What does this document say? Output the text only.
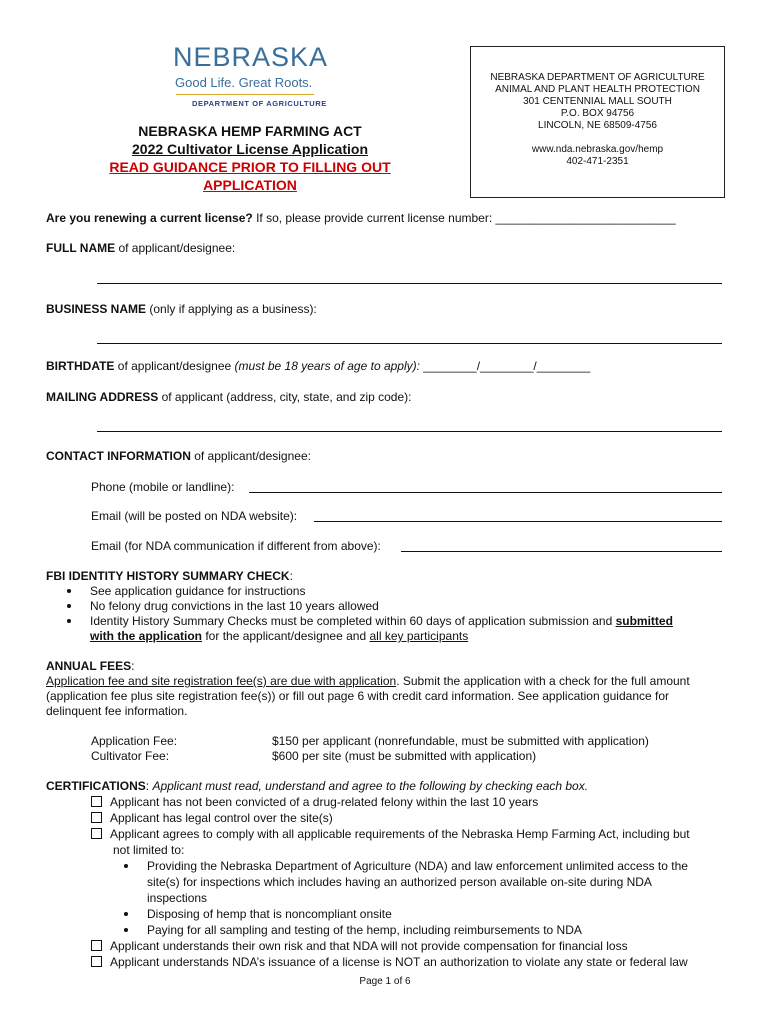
NEBRASKA
Good Life. Great Roots.
DEPARTMENT OF AGRICULTURE
NEBRASKA DEPARTMENT OF AGRICULTURE
ANIMAL AND PLANT HEALTH PROTECTION
301 CENTENNIAL MALL SOUTH
P.O. BOX 94756
LINCOLN, NE 68509-4756
www.nda.nebraska.gov/hemp
402-471-2351
NEBRASKA HEMP FARMING ACT
2022 Cultivator License Application
READ GUIDANCE PRIOR TO FILLING OUT
APPLICATION
Are you renewing a current license? If so, please provide current license number: ___________________________
FULL NAME of applicant/designee:
BUSINESS NAME (only if applying as a business):
BIRTHDATE of applicant/designee (must be 18 years of age to apply): ________/________/________
MAILING ADDRESS of applicant (address, city, state, and zip code):
CONTACT INFORMATION of applicant/designee:
Phone (mobile or landline):
Email (will be posted on NDA website):
Email (for NDA communication if different from above):
FBI IDENTITY HISTORY SUMMARY CHECK:
See application guidance for instructions
No felony drug convictions in the last 10 years allowed
Identity History Summary Checks must be completed within 60 days of application submission and submitted
with the application for the applicant/designee and all key participants
ANNUAL FEES:
Application fee and site registration fee(s) are due with application. Submit the application with a check for the full amount
(application fee plus site registration fee(s)) or fill out page 6 with credit card information. See application guidance for
delinquent fee information.
Application Fee:	$150 per applicant (nonrefundable, must be submitted with application)
Cultivator Fee:	$600 per site (must be submitted with application)
CERTIFICATIONS: Applicant must read, understand and agree to the following by checking each box.
Applicant has not been convicted of a drug-related felony within the last 10 years
Applicant has legal control over the site(s)
Applicant agrees to comply with all applicable requirements of the Nebraska Hemp Farming Act, including but
not limited to:
Providing the Nebraska Department of Agriculture (NDA) and law enforcement unlimited access to the
site(s) for inspections which includes having an authorized person available on-site during NDA
inspections
Disposing of hemp that is noncompliant onsite
Paying for all sampling and testing of the hemp, including reimbursements to NDA
Applicant understands their own risk and that NDA will not provide compensation for financial loss
Applicant understands NDA’s issuance of a license is NOT an authorization to violate any state or federal law
Page 1 of 6
